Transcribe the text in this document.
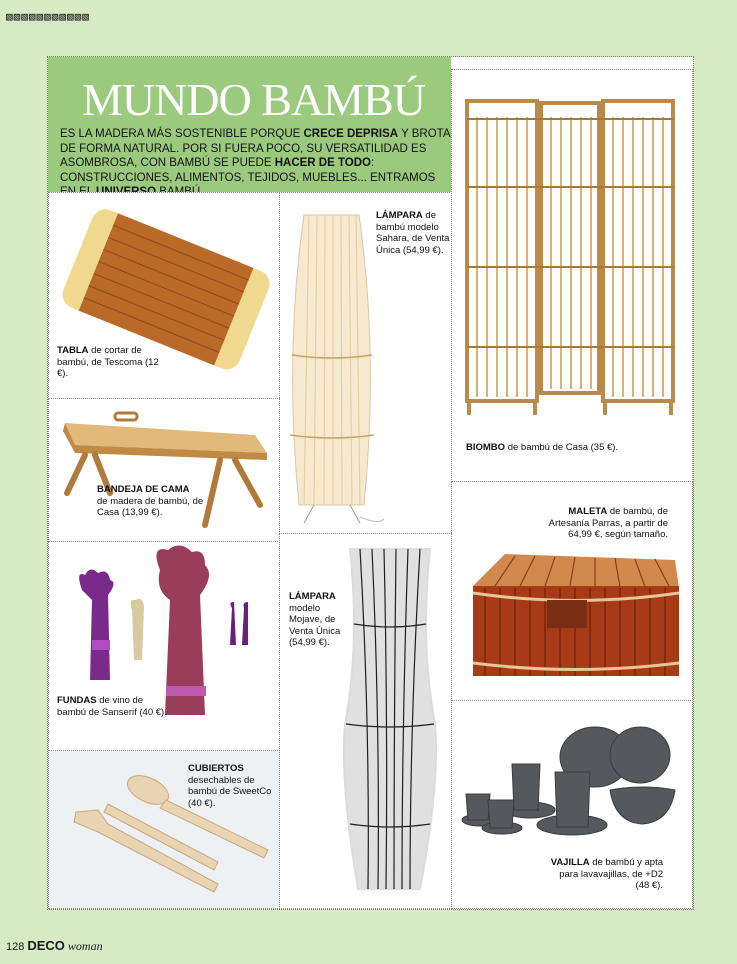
▧▧▧▧▧▧▧▧▧▧▧
MUNDO BAMBÚ
ES LA MADERA MÁS SOSTENIBLE PORQUE CRECE DEPRISA Y BROTA DE FORMA NATURAL. POR SI FUERA POCO, SU VERSATILIDAD ES ASOMBROSA, CON BAMBÚ SE PUEDE HACER DE TODO: CONSTRUCCIONES, ALIMENTOS, TEJIDOS, MUEBLES... ENTRAMOS
TABLA de cortar de bambú, de Tescoma (12 €).
LÁMPARA de bambú modelo Sahara, de Venta Única (54,99 €).
BIOMBO de bambú de Casa (35 €).
BANDEJA DE CAMA
de madera de bambú, de Casa (13,99 €).	MALETA de bambú, de Artesanía Parras, a partir de 64,99 €, según tamaño.
FUNDAS de vino de bambú de Sanserif (40 €).
LÁMPARA
modelo Mojave, de Venta Única (54,99 €).
CUBIERTOS
desechables de bambú de SweetCo (40 €).
VAJILLA de bambú y apta para lavavajillas, de +D2 (48 €).
128 DECO woman
